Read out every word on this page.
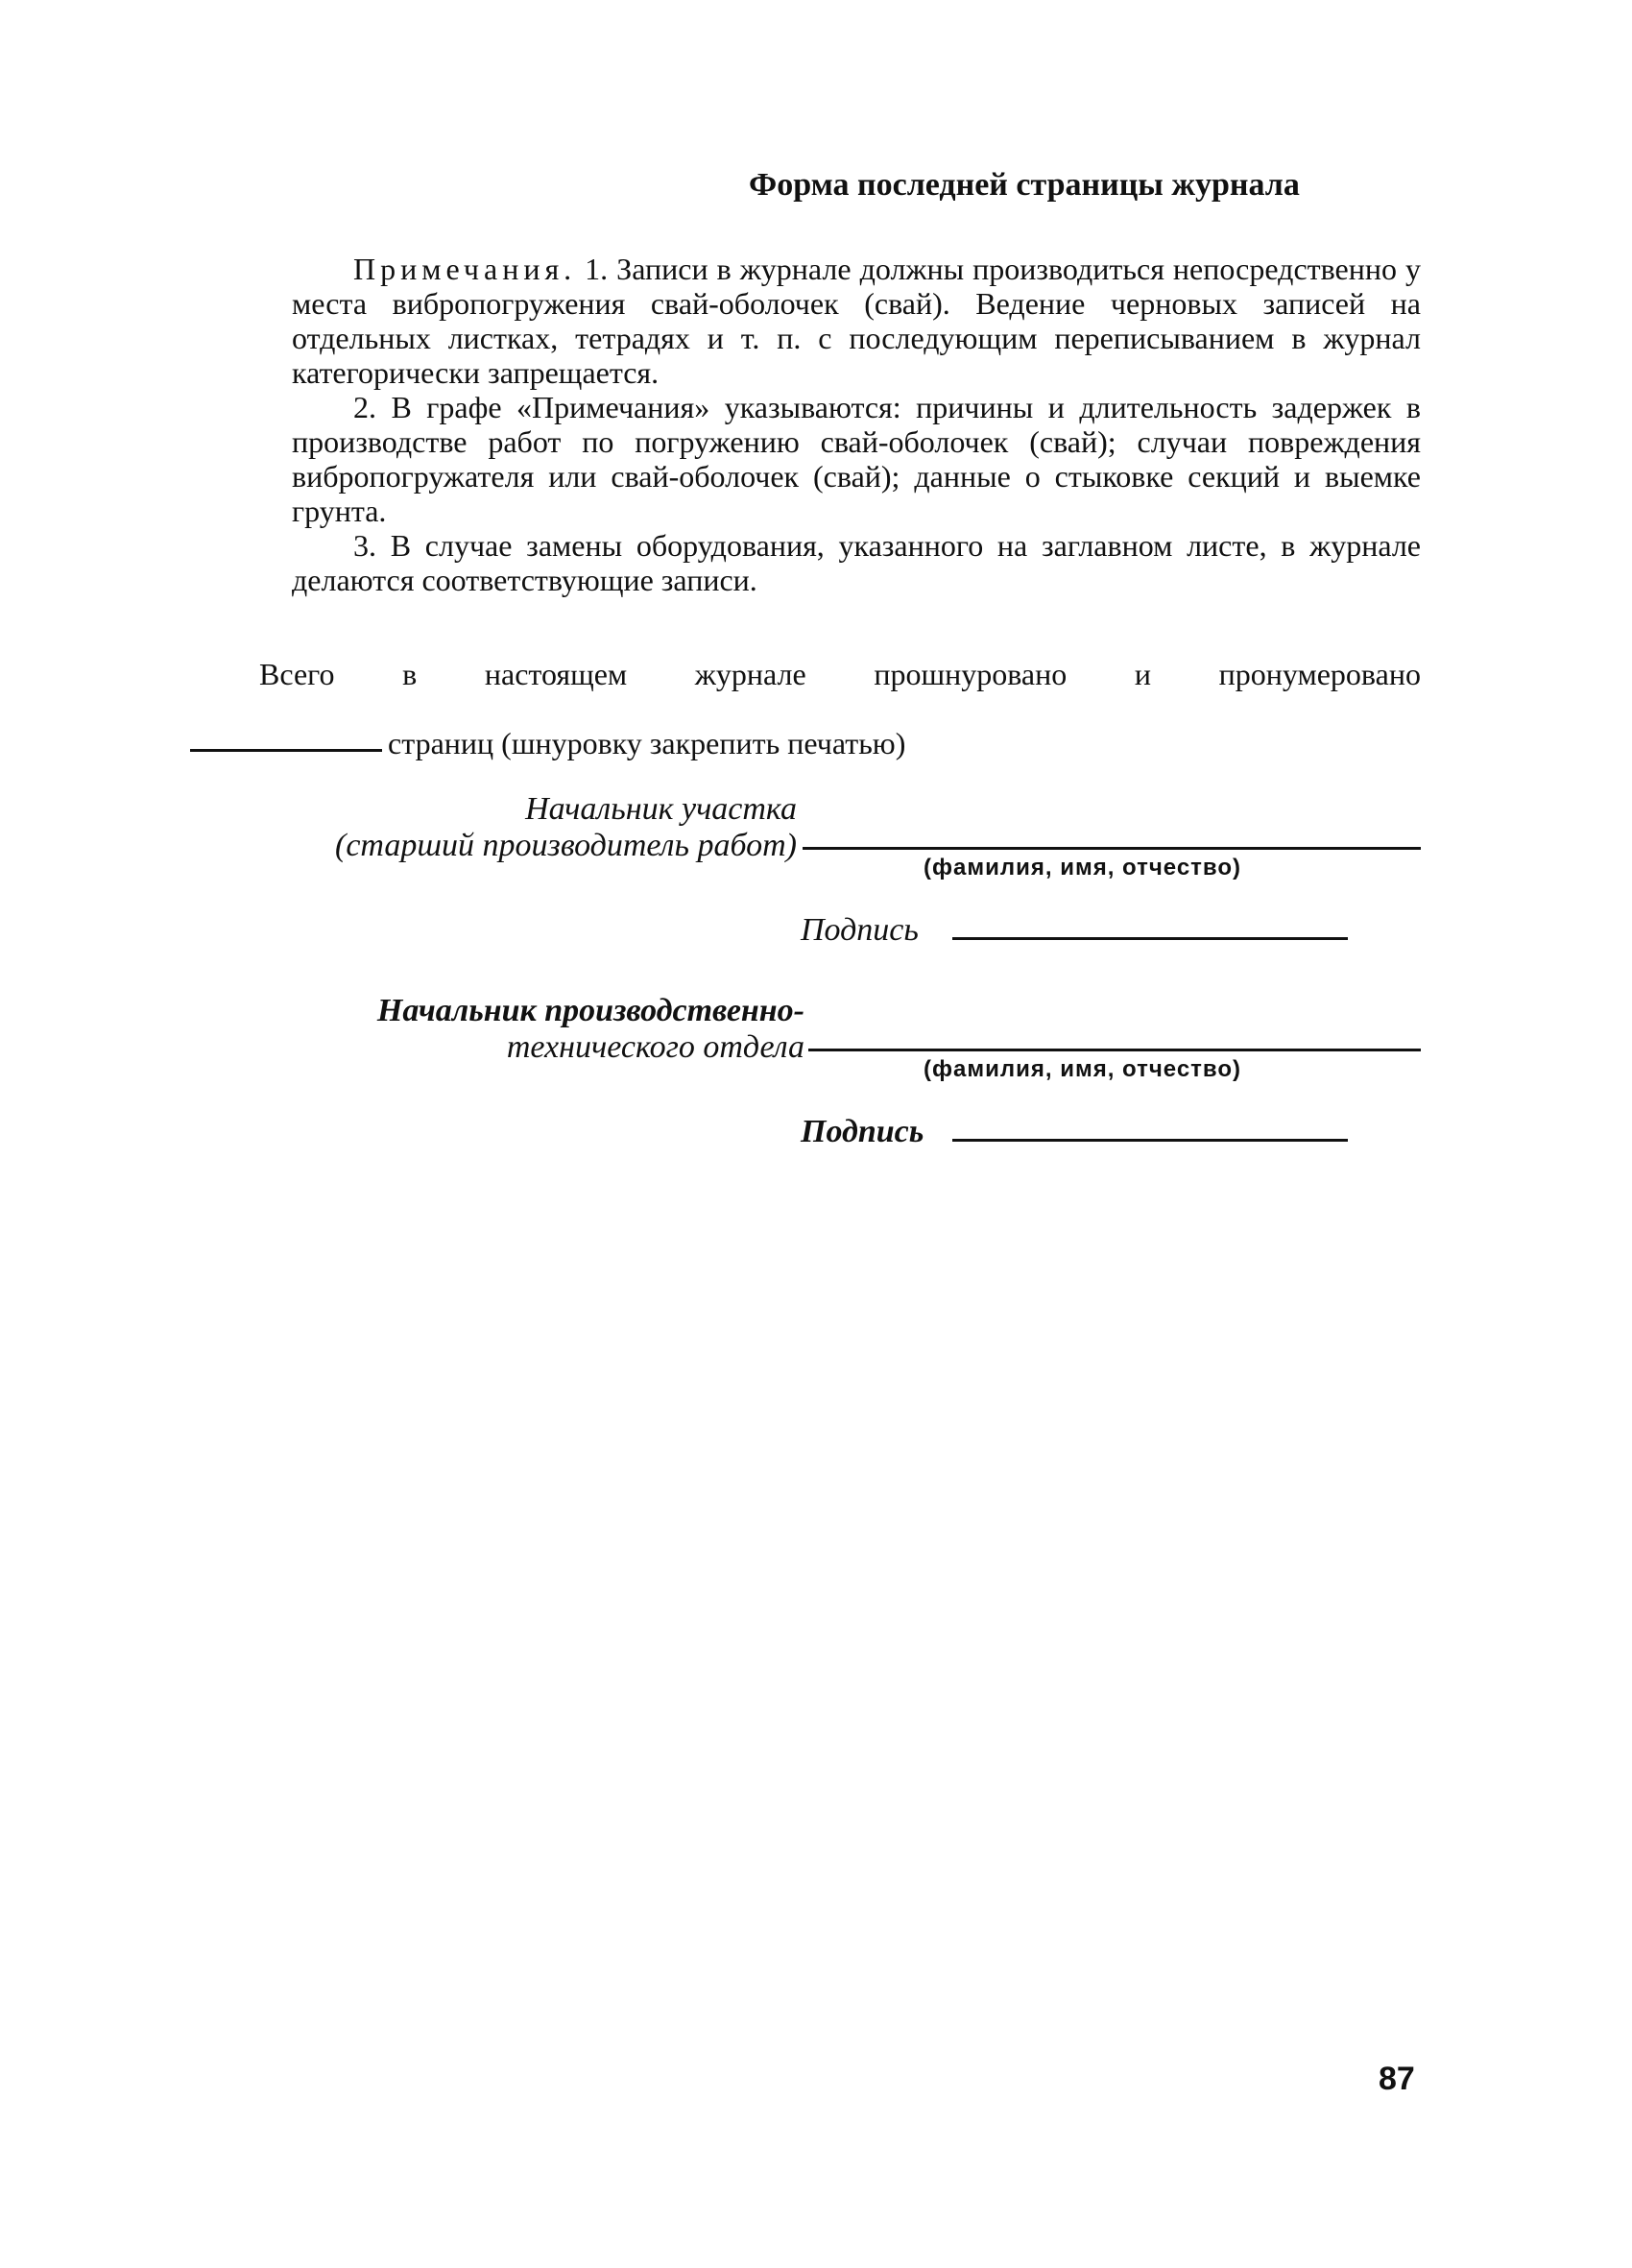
Форма последней страницы журнала

Примечания. 1. Записи в журнале должны производиться непосредственно у места вибропогружения свай-оболочек (свай). Ведение черновых записей на отдельных листках, тетрадях и т. п. с последующим переписыванием в журнал категорически запрещается.

2. В графе «Примечания» указываются: причины и длительность задержек в производстве работ по погружению свай-оболочек (свай); случаи повреждения вибропогружателя или свай-оболочек (свай); данные о стыковке секций и выемке грунта.

3. В случае замены оборудования, указанного на заглавном листе, в журнале делаются соответствующие записи.

Всего в настоящем журнале прошнуровано и пронумеровано
страниц (шнуровку закрепить печатью)
Начальник участка
(старший производитель работ)
(фамилия, имя, отчество)
Подпись
Начальник производственно-
технического отдела
(фамилия, имя, отчество)
Подпись
87
